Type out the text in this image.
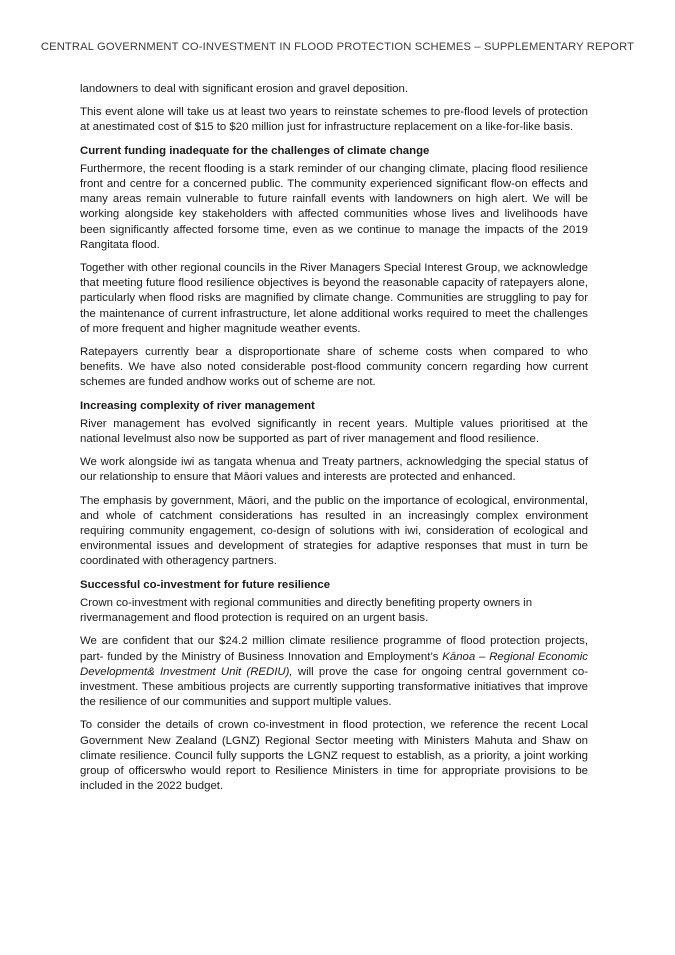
CENTRAL GOVERNMENT CO-INVESTMENT IN FLOOD PROTECTION SCHEMES – SUPPLEMENTARY REPORT

landowners to deal with significant erosion and gravel deposition.

This event alone will take us at least two years to reinstate schemes to pre-flood levels of protection at anestimated cost of $15 to $20 million just for infrastructure replacement on a like-for-like basis.

Current funding inadequate for the challenges of climate change

Furthermore, the recent flooding is a stark reminder of our changing climate, placing flood resilience front and centre for a concerned public. The community experienced significant flow-on effects and many areas remain vulnerable to future rainfall events with landowners on high alert. We will be working alongside key stakeholders with affected communities whose lives and livelihoods have been significantly affected forsome time, even as we continue to manage the impacts of the 2019 Rangitata flood.

Together with other regional councils in the River Managers Special Interest Group, we acknowledge that meeting future flood resilience objectives is beyond the reasonable capacity of ratepayers alone, particularly when flood risks are magnified by climate change. Communities are struggling to pay for the maintenance of current infrastructure, let alone additional works required to meet the challenges of more frequent and higher magnitude weather events.

Ratepayers currently bear a disproportionate share of scheme costs when compared to who benefits. We have also noted considerable post-flood community concern regarding how current schemes are funded andhow works out of scheme are not.

Increasing complexity of river management

River management has evolved significantly in recent years. Multiple values prioritised at the national levelmust also now be supported as part of river management and flood resilience.

We work alongside iwi as tangata whenua and Treaty partners, acknowledging the special status of our relationship to ensure that Māori values and interests are protected and enhanced.

The emphasis by government, Māori, and the public on the importance of ecological, environmental, and whole of catchment considerations has resulted in an increasingly complex environment requiring community engagement, co-design of solutions with iwi, consideration of ecological and environmental issues and development of strategies for adaptive responses that must in turn be coordinated with otheragency partners.

Successful co-investment for future resilience

Crown co-investment with regional communities and directly benefiting property owners in rivermanagement and flood protection is required on an urgent basis.

We are confident that our $24.2 million climate resilience programme of flood protection projects, part- funded by the Ministry of Business Innovation and Employment’s Kānoa – Regional Economic Development& Investment Unit (REDIU), will prove the case for ongoing central government co-investment. These ambitious projects are currently supporting transformative initiatives that improve the resilience of our communities and support multiple values.

To consider the details of crown co-investment in flood protection, we reference the recent Local Government New Zealand (LGNZ) Regional Sector meeting with Ministers Mahuta and Shaw on climate resilience. Council fully supports the LGNZ request to establish, as a priority, a joint working group of officerswho would report to Resilience Ministers in time for appropriate provisions to be included in the 2022 budget.
